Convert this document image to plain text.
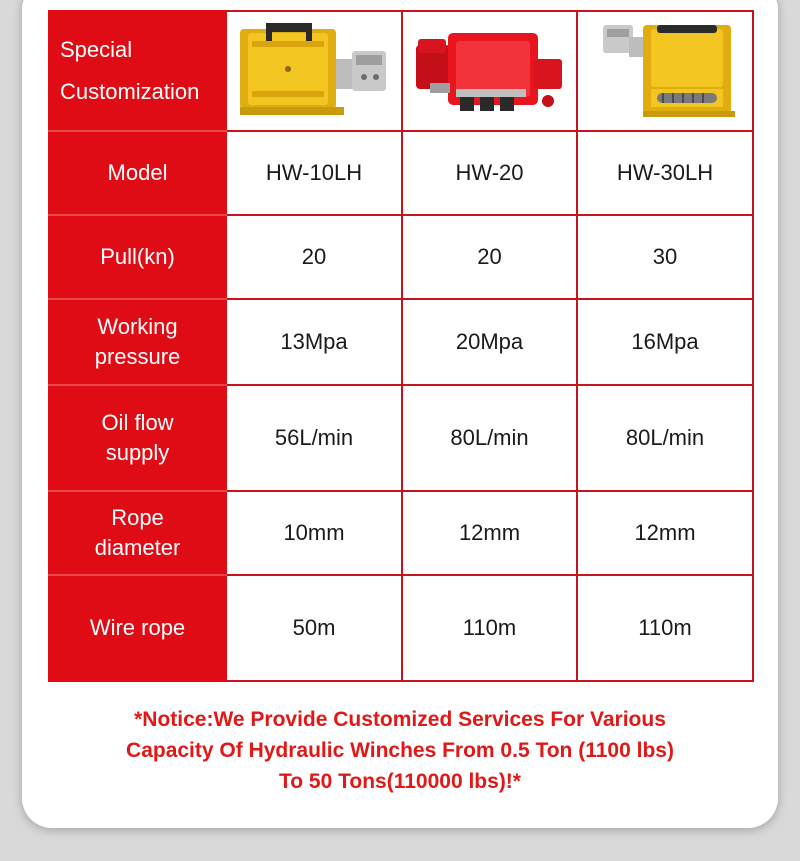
Special
Customization	

Model	HW-10LH	HW-20	HW-30LH
Pull(kn)	20	20	30
Working
pressure	13Mpa	20Mpa	16Mpa
Oil flow
supply	56L/min	80L/min	80L/min
Rope
diameter	10mm	12mm	12mm
Wire rope	50m	110m	110m
*Notice:We Provide Customized Services For Various
Capacity Of Hydraulic Winches From 0.5 Ton (1100 lbs)
To 50 Tons(110000 lbs)!*
